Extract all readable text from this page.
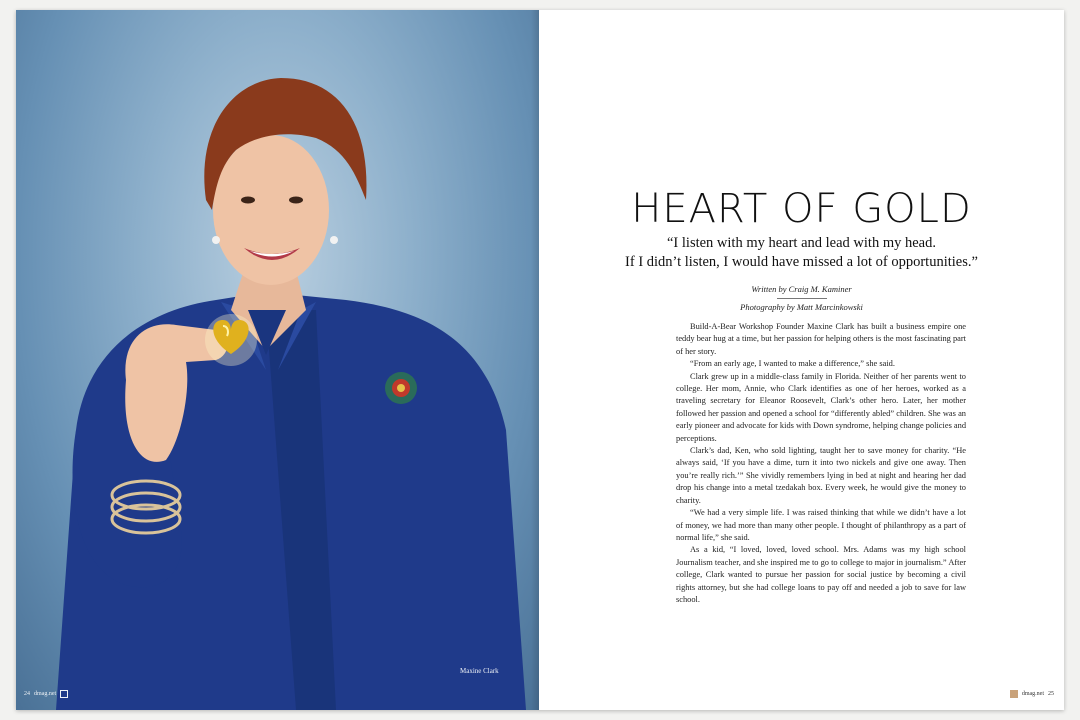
Maxine Clark
24 dmag.net
HEART OF GOLD
“I listen with my heart and lead with my head.
If I didn’t listen, I would have missed a lot of opportunities.”
Written by Craig M. Kaminer
Photography by Matt Marcinkowski

Build-A-Bear Workshop Founder Maxine Clark has built a business empire one teddy bear hug at a time, but her passion for helping others is the most fascinating part of her story.

“From an early age, I wanted to make a difference,” she said.

Clark grew up in a middle-class family in Florida. Neither of her parents went to college. Her mom, Annie, who Clark identifies as one of her heroes, worked as a traveling secretary for Eleanor Roosevelt, Clark’s other hero. Later, her mother followed her passion and opened a school for “differently abled” children. She was an early pioneer and advocate for kids with Down syndrome, helping change policies and perceptions.

Clark’s dad, Ken, who sold lighting, taught her to save money for charity. “He always said, ‘If you have a dime, turn it into two nickels and give one away. Then you’re really rich.’” She vividly remembers lying in bed at night and hearing her dad drop his change into a metal tzedakah box. Every week, he would give the money to charity.

“We had a very simple life. I was raised thinking that while we didn’t have a lot of money, we had more than many other people. I thought of philanthropy as a part of normal life,” she said.

As a kid, “I loved, loved, loved school. Mrs. Adams was my high school Journalism teacher, and she inspired me to go to college to major in journalism.” After college, Clark wanted to pursue her passion for social justice by becoming a civil rights attorney, but she had college loans to pay off and needed a job to save for law school.

dmag.net 25
